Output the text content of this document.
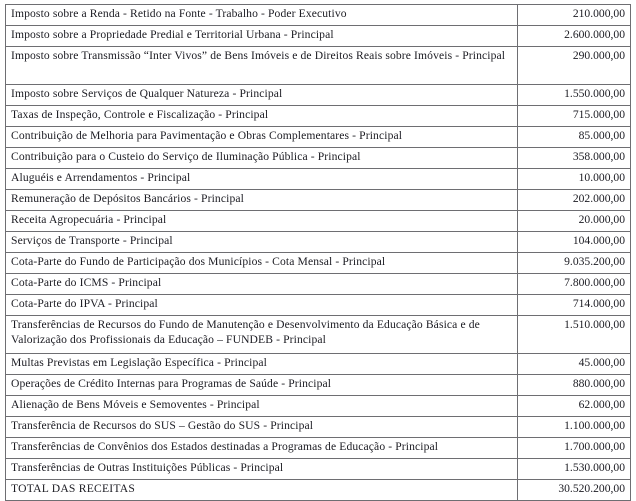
Imposto sobre a Renda - Retido na Fonte - Trabalho - Poder Executivo	210.000,00
Imposto sobre a Propriedade Predial e Territorial Urbana - Principal	2.600.000,00
Imposto sobre Transmissão “Inter Vivos” de Bens Imóveis e de Direitos Reais sobre Imóveis - Principal	290.000,00
Imposto sobre Serviços de Qualquer Natureza - Principal	1.550.000,00
Taxas de Inspeção, Controle e Fiscalização - Principal	715.000,00
Contribuição de Melhoria para Pavimentação e Obras Complementares - Principal	85.000,00
Contribuição para o Custeio do Serviço de Iluminação Pública - Principal	358.000,00
Aluguéis e Arrendamentos - Principal	10.000,00
Remuneração de Depósitos Bancários - Principal	202.000,00
Receita Agropecuária - Principal	20.000,00
Serviços de Transporte - Principal	104.000,00
Cota-Parte do Fundo de Participação dos Municípios - Cota Mensal - Principal	9.035.200,00
Cota-Parte do ICMS - Principal	7.800.000,00
Cota-Parte do IPVA - Principal	714.000,00
Transferências de Recursos do Fundo de Manutenção e Desenvolvimento da Educação Básica e de Valorização dos Profissionais da Educação – FUNDEB - Principal	1.510.000,00
Multas Previstas em Legislação Específica - Principal	45.000,00
Operações de Crédito Internas para Programas de Saúde - Principal	880.000,00
Alienação de Bens Móveis e Semoventes - Principal	62.000,00
Transferência de Recursos do SUS – Gestão do SUS - Principal	1.100.000,00
Transferências de Convênios dos Estados destinadas a Programas de Educação - Principal	1.700.000,00
Transferências de Outras Instituições Públicas - Principal	1.530.000,00
TOTAL DAS RECEITAS	30.520.200,00
